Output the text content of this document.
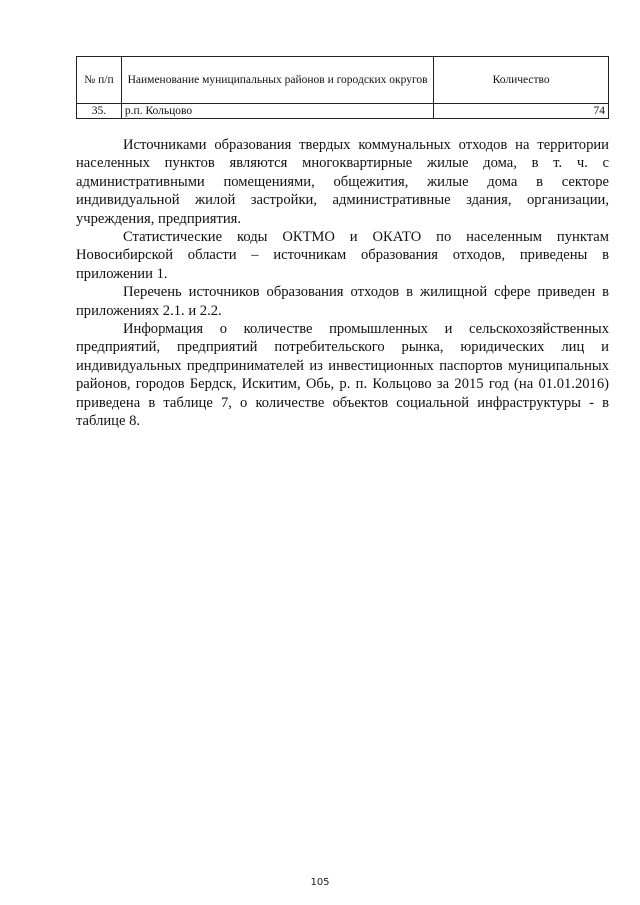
№ п/п	Наименование муниципальных районов и городских округов	Количество
35.	р.п. Кольцово	74

Источниками образования твердых коммунальных отходов на территории населенных пунктов являются многоквартирные жилые дома, в т. ч. с административными помещениями, общежития, жилые дома в секторе индивидуальной жилой застройки, административные здания, организации, учреждения, предприятия.

Статистические коды ОКТМО и ОКАТО по населенным пунктам Новосибирской области – источникам образования отходов, приведены в приложении 1.

Перечень источников образования отходов в жилищной сфере приведен в приложениях 2.1. и 2.2.

Информация о количестве промышленных и сельскохозяйственных предприятий, предприятий потребительского рынка, юридических лиц и индивидуальных предпринимателей из инвестиционных паспортов муниципальных районов, городов Бердск, Искитим, Обь, р. п. Кольцово за 2015 год (на 01.01.2016) приведена в таблице 7, о количестве объектов социальной инфраструктуры - в таблице 8.

105
